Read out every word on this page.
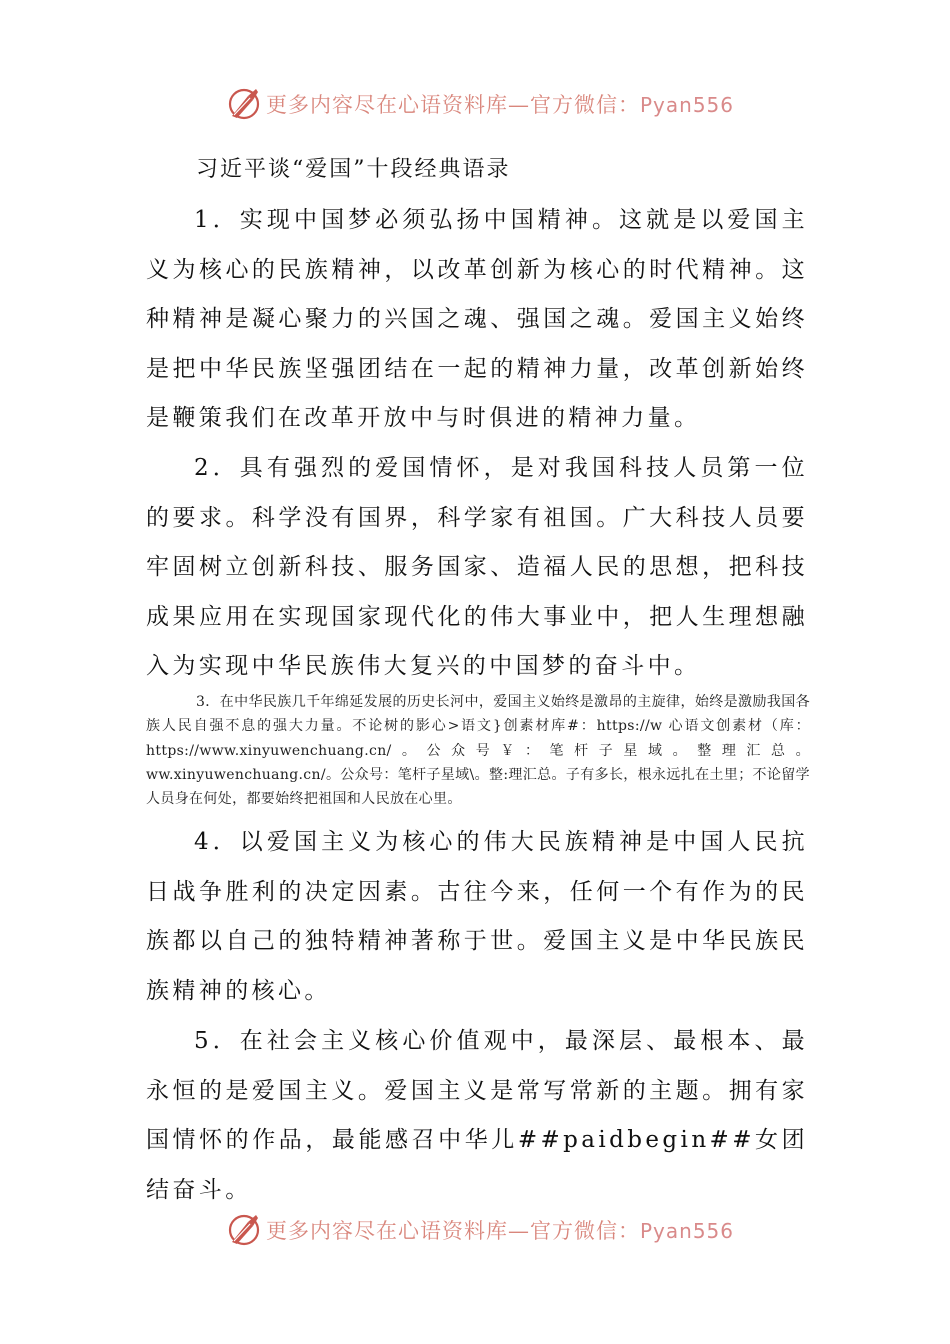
更多内容尽在心语资料库—官方微信：Pyan556
习近平谈“爱国”十段经典语录

1．实现中国梦必须弘扬中国精神。这就是以爱国主义为核心的民族精神，以改革创新为核心的时代精神。这种精神是凝心聚力的兴国之魂、强国之魂。爱国主义始终是把中华民族坚强团结在一起的精神力量，改革创新始终是鞭策我们在改革开放中与时俱进的精神力量。

2．具有强烈的爱国情怀，是对我国科技人员第一位的要求。科学没有国界，科学家有祖国。广大科技人员要牢固树立创新科技、服务国家、造福人民的思想，把科技成果应用在实现国家现代化的伟大事业中，把人生理想融入为实现中华民族伟大复兴的中国梦的奋斗中。

3．在中华民族几千年绵延发展的历史长河中，爱国主义始终是激昂的主旋律，始终是激励我国各族人民自强不息的强大力量。不论树的影心>语文}创素材库#：https://w 心语文创素材（库：https://www.xinyuwenchuang.cn/。公众号￥：笔杆子星域。整理汇总。ww.xinyuwenchuang.cn/。公众号：笔杆子星域\。整:理汇总。子有多长，根永远扎在土里；不论留学人员身在何处，都要始终把祖国和人民放在心里。

4．以爱国主义为核心的伟大民族精神是中国人民抗日战争胜利的决定因素。古往今来，任何一个有作为的民族都以自己的独特精神著称于世。爱国主义是中华民族民族精神的核心。

5．在社会主义核心价值观中，最深层、最根本、最永恒的是爱国主义。爱国主义是常写常新的主题。拥有家国情怀的作品，最能感召中华儿##paidbegin##女团结奋斗。

更多内容尽在心语资料库—官方微信：Pyan556
